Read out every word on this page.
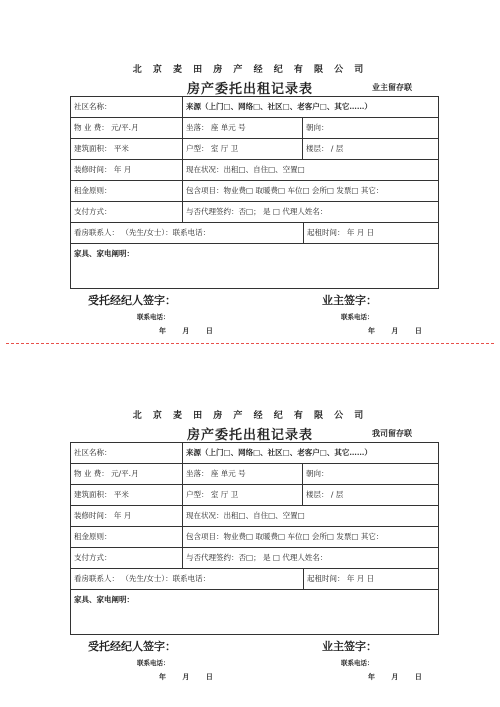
北 京 麦 田 房 产 经 纪 有 限 公 司
房产委托出租记录表	业主留存联
社区名称：	来源（上门□、网络□、社区□、老客户□、其它……）
物 业 费： 元/平.月	坐落： 座 单元 号	朝向：
建筑面积： 平米	户型： 室 厅 卫	楼层： / 层
装修时间： 年 月	现在状况：出租□、自住□、空置□
租金原则：	包含项目：物业费□ 取暖费□ 车位□ 会所□ 发票□ 其它：
支付方式：	与否代理签约：否□； 是 □ 代理人姓名：
看房联系人： （先生/女士）：联系电话：	起租时间： 年 月 日
家具、家电阐明：
受托经纪人签字：	业主签字：
联系电话：	联系电话：
年 月 日	年 月 日
北 京 麦 田 房 产 经 纪 有 限 公 司
房产委托出租记录表	我司留存联
社区名称：	来源（上门□、网络□、社区□、老客户□、其它……）
物 业 费： 元/平.月	坐落： 座 单元 号	朝向：
建筑面积： 平米	户型： 室 厅 卫	楼层： / 层
装修时间： 年 月	现在状况：出租□、自住□、空置□
租金原则：	包含项目：物业费□ 取暖费□ 车位□ 会所□ 发票□ 其它：
支付方式：	与否代理签约：否□； 是 □ 代理人姓名：
看房联系人： （先生/女士）：联系电话：	起租时间： 年 月 日
家具、家电阐明：
受托经纪人签字：	业主签字：
联系电话：	联系电话：
年 月 日	年 月 日
